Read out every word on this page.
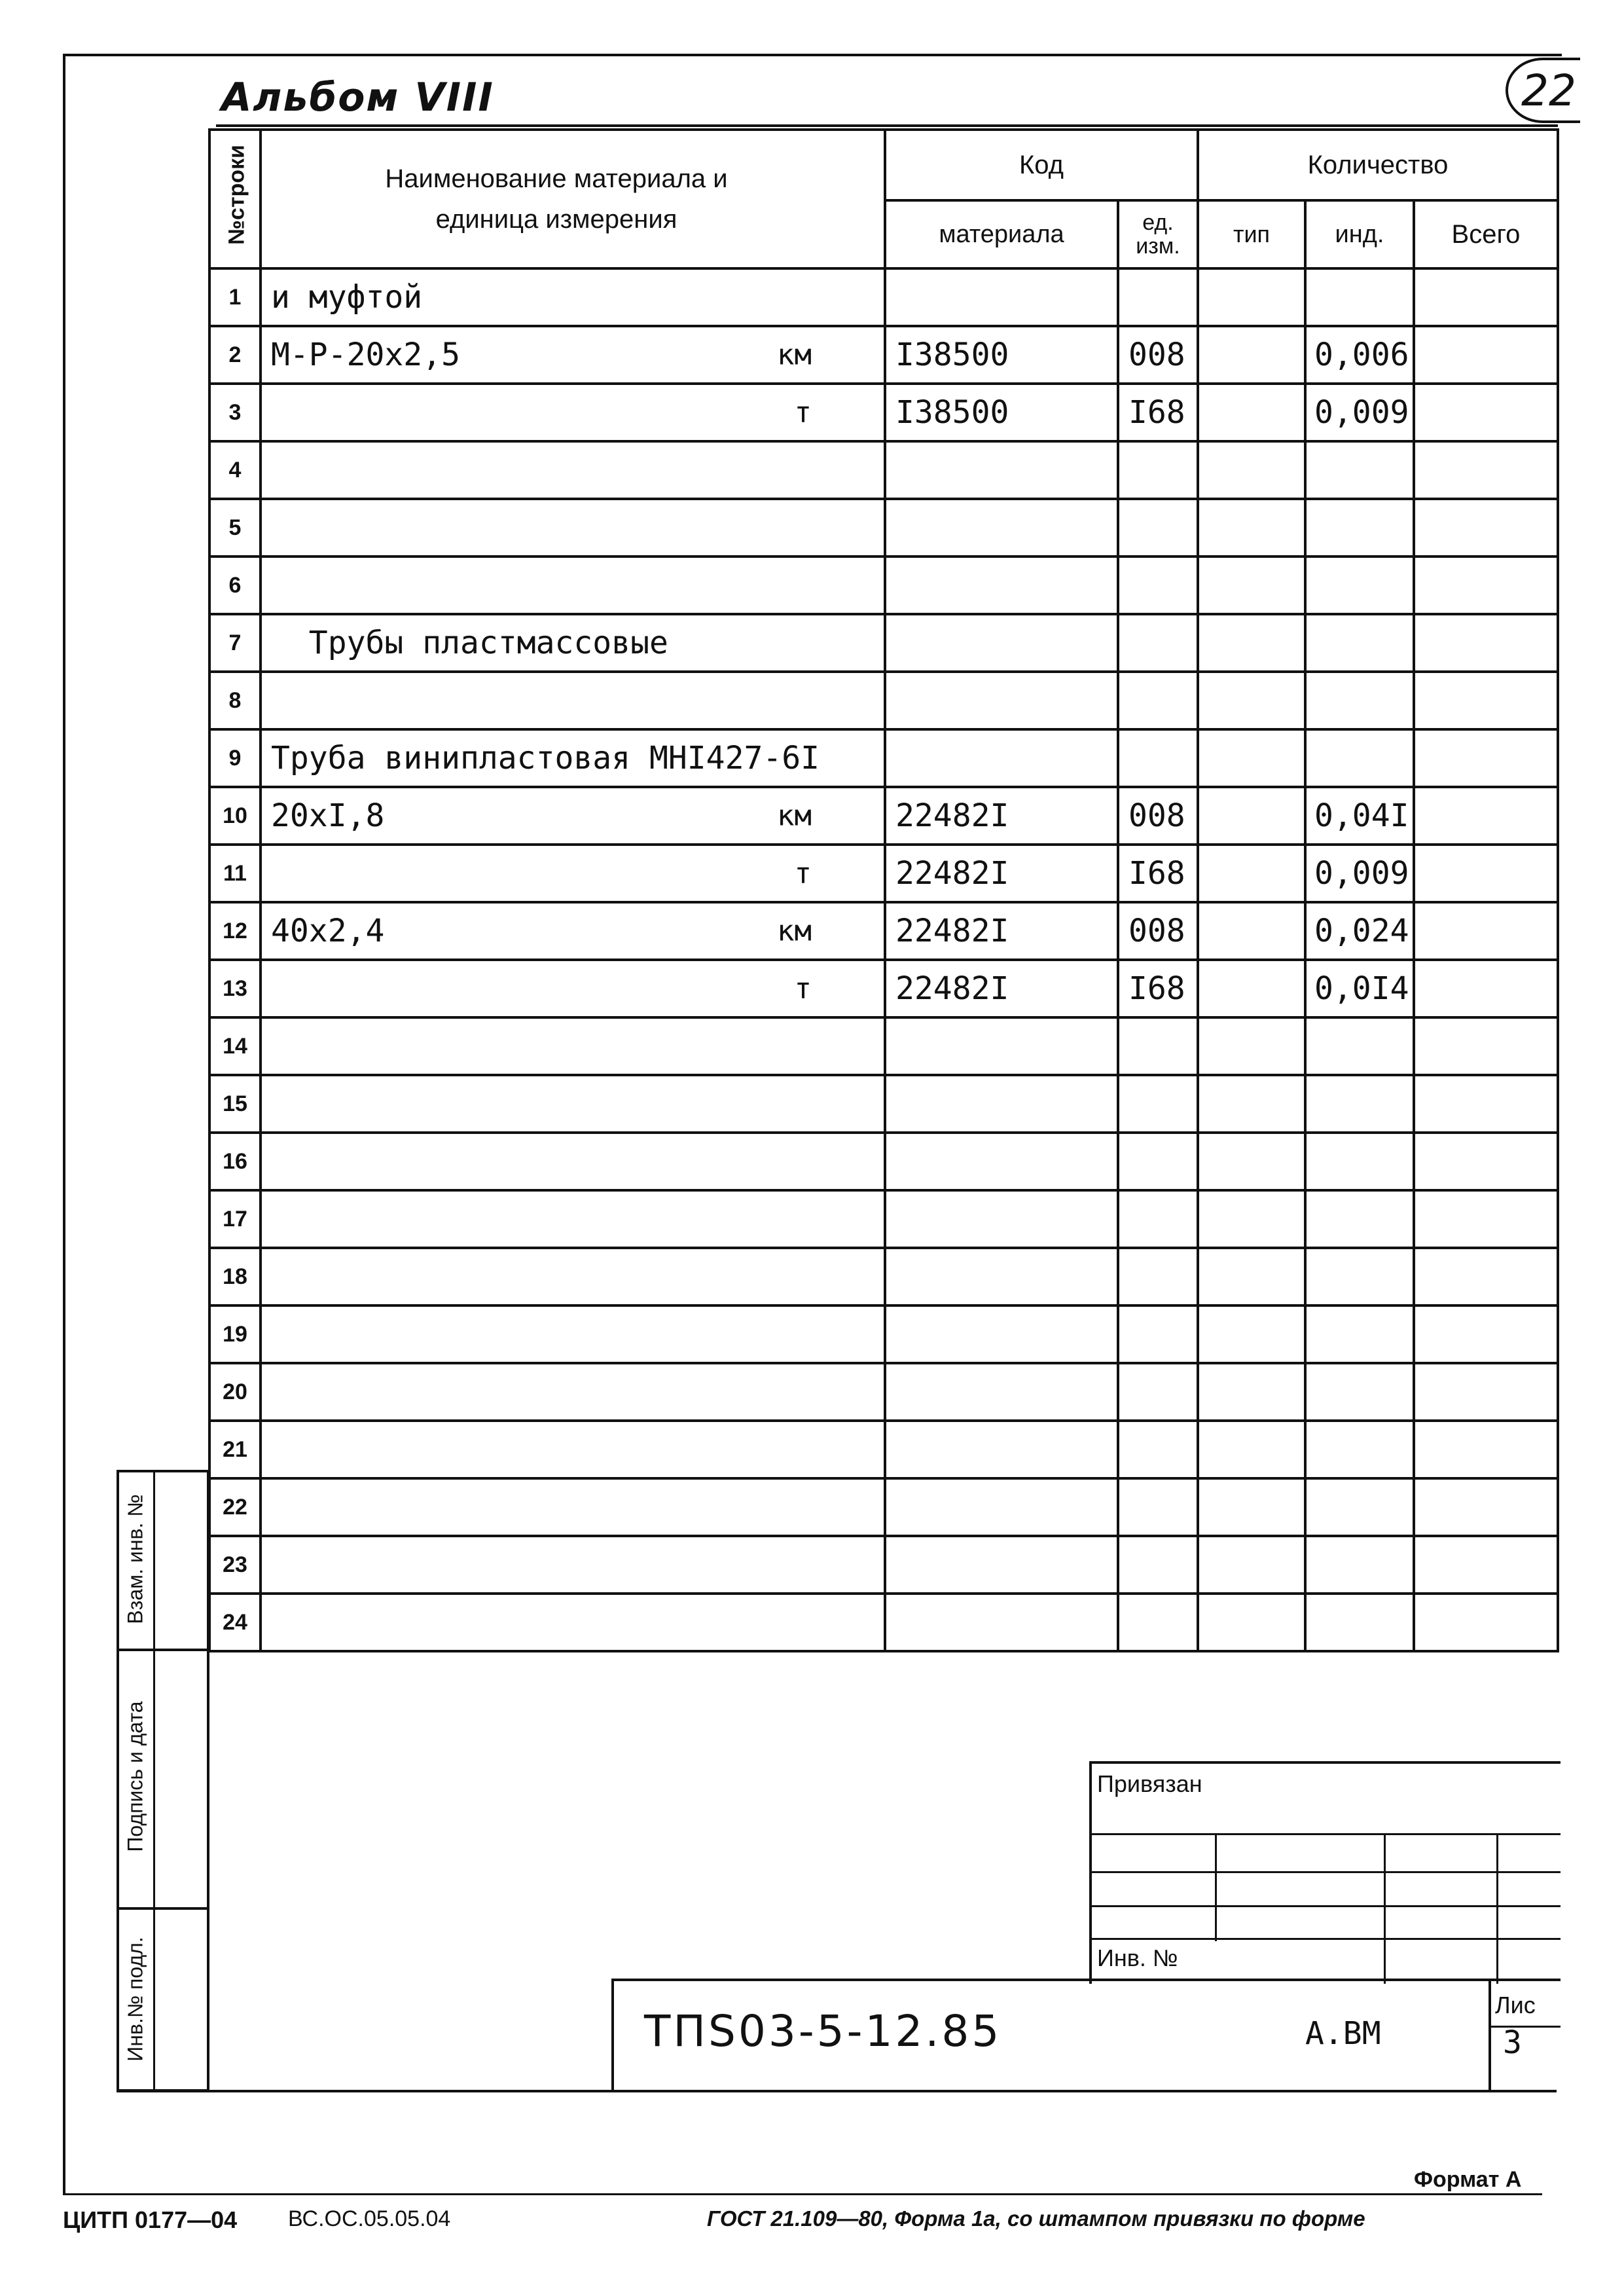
Альбом VIII	22
№строки	Наименование материала и единица измерения	Код		Количество		
		материала	ед. изм.	тип	инд.	Всего
1	и муфтой

2	М-Р-20х2,5 км	I38500	008		0,006	
3	т	I38500	I68		0,009	
4	

5	

6	

7	Трубы пластмассовые

8	

9	Труба винипластовая МНI427-6I

10	20хI,8 км	22482I	008		0,04I	
11	т	22482I	I68		0,009	
12	40х2,4 км	22482I	008		0,024	
13	т	22482I	I68		0,0I4	
14	

15	

16	

17	

18	

19	

20	

21	

22	

23	

24	

Взам. инв. №
Подпись и дата
Инв.№ подл.
Привязан
Инв. №
ТПS03-5-12.85	А.ВМ
Лис
3
Формат А
ЦИТП 0177—04 ВС.ОС.05.05.04	ГОСТ 21.109—80, Форма 1а, со штампом привязки по форме
